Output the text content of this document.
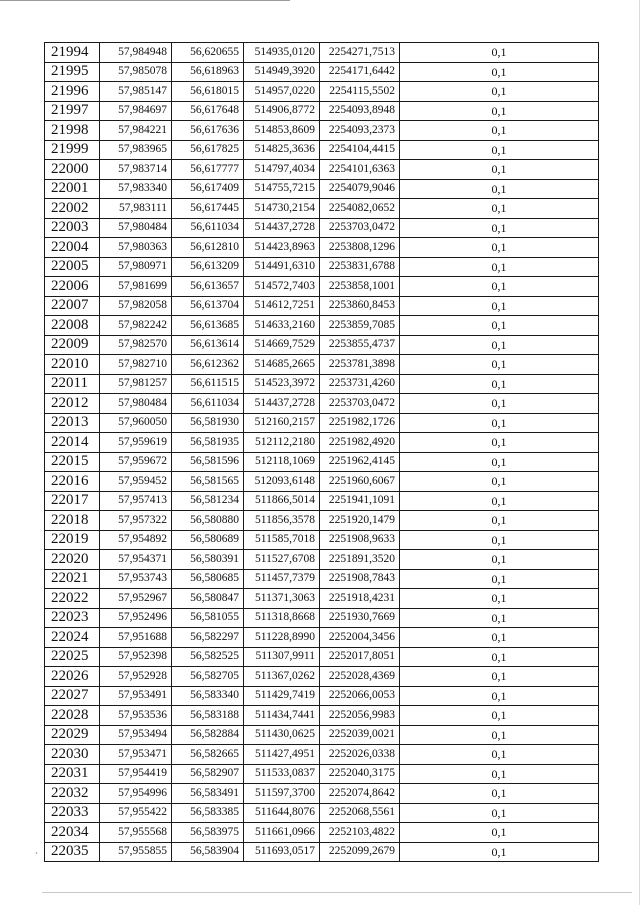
21994	57,984948	56,620655	514935,0120	2254271,7513	0,1
21995	57,985078	56,618963	514949,3920	2254171,6442	0,1
21996	57,985147	56,618015	514957,0220	2254115,5502	0,1
21997	57,984697	56,617648	514906,8772	2254093,8948	0,1
21998	57,984221	56,617636	514853,8609	2254093,2373	0,1
21999	57,983965	56,617825	514825,3636	2254104,4415	0,1
22000	57,983714	56,617777	514797,4034	2254101,6363	0,1
22001	57,983340	56,617409	514755,7215	2254079,9046	0,1
22002	57,983111	56,617445	514730,2154	2254082,0652	0,1
22003	57,980484	56,611034	514437,2728	2253703,0472	0,1
22004	57,980363	56,612810	514423,8963	2253808,1296	0,1
22005	57,980971	56,613209	514491,6310	2253831,6788	0,1
22006	57,981699	56,613657	514572,7403	2253858,1001	0,1
22007	57,982058	56,613704	514612,7251	2253860,8453	0,1
22008	57,982242	56,613685	514633,2160	2253859,7085	0,1
22009	57,982570	56,613614	514669,7529	2253855,4737	0,1
22010	57,982710	56,612362	514685,2665	2253781,3898	0,1
22011	57,981257	56,611515	514523,3972	2253731,4260	0,1
22012	57,980484	56,611034	514437,2728	2253703,0472	0,1
22013	57,960050	56,581930	512160,2157	2251982,1726	0,1
22014	57,959619	56,581935	512112,2180	2251982,4920	0,1
22015	57,959672	56,581596	512118,1069	2251962,4145	0,1
22016	57,959452	56,581565	512093,6148	2251960,6067	0,1
22017	57,957413	56,581234	511866,5014	2251941,1091	0,1
22018	57,957322	56,580880	511856,3578	2251920,1479	0,1
22019	57,954892	56,580689	511585,7018	2251908,9633	0,1
22020	57,954371	56,580391	511527,6708	2251891,3520	0,1
22021	57,953743	56,580685	511457,7379	2251908,7843	0,1
22022	57,952967	56,580847	511371,3063	2251918,4231	0,1
22023	57,952496	56,581055	511318,8668	2251930,7669	0,1
22024	57,951688	56,582297	511228,8990	2252004,3456	0,1
22025	57,952398	56,582525	511307,9911	2252017,8051	0,1
22026	57,952928	56,582705	511367,0262	2252028,4369	0,1
22027	57,953491	56,583340	511429,7419	2252066,0053	0,1
22028	57,953536	56,583188	511434,7441	2252056,9983	0,1
22029	57,953494	56,582884	511430,0625	2252039,0021	0,1
22030	57,953471	56,582665	511427,4951	2252026,0338	0,1
22031	57,954419	56,582907	511533,0837	2252040,3175	0,1
22032	57,954996	56,583491	511597,3700	2252074,8642	0,1
22033	57,955422	56,583385	511644,8076	2252068,5561	0,1
22034	57,955568	56,583975	511661,0966	2252103,4822	0,1
22035	57,955855	56,583904	511693,0517	2252099,2679	0,1
`
